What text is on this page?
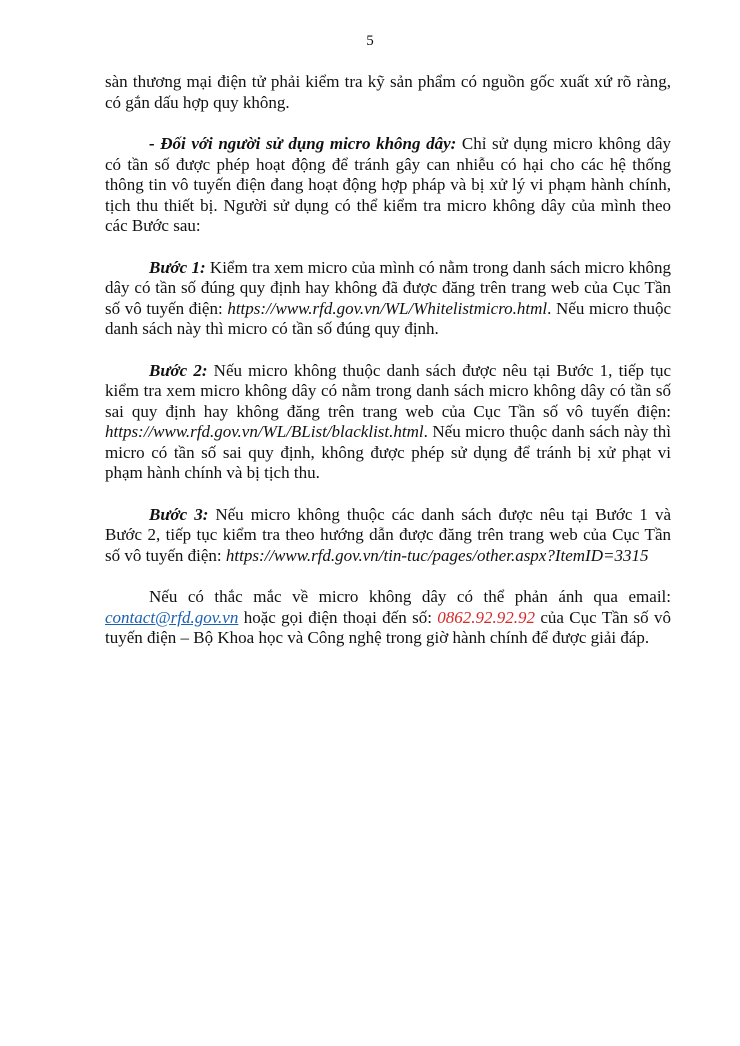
5

sàn thương mại điện tử phải kiểm tra kỹ sản phẩm có nguồn gốc xuất xứ rõ ràng, có gắn dấu hợp quy không.

- Đối với người sử dụng micro không dây: Chỉ sử dụng micro không dây có tần số được phép hoạt động để tránh gây can nhiễu có hại cho các hệ thống thông tin vô tuyến điện đang hoạt động hợp pháp và bị xử lý vi phạm hành chính, tịch thu thiết bị. Người sử dụng có thể kiểm tra micro không dây của mình theo các Bước sau:

Bước 1: Kiểm tra xem micro của mình có nằm trong danh sách micro không dây có tần số đúng quy định hay không đã được đăng trên trang web của Cục Tần số vô tuyến điện: https://www.rfd.gov.vn/WL/Whitelistmicro.html. Nếu micro thuộc danh sách này thì micro có tần số đúng quy định.

Bước 2: Nếu micro không thuộc danh sách được nêu tại Bước 1, tiếp tục kiểm tra xem micro không dây có nằm trong danh sách micro không dây có tần số sai quy định hay không đăng trên trang web của Cục Tần số vô tuyến điện: https://www.rfd.gov.vn/WL/BList/blacklist.html. Nếu micro thuộc danh sách này thì micro có tần số sai quy định, không được phép sử dụng để tránh bị xử phạt vi phạm hành chính và bị tịch thu.

Bước 3: Nếu micro không thuộc các danh sách được nêu tại Bước 1 và Bước 2, tiếp tục kiểm tra theo hướng dẫn được đăng trên trang web của Cục Tần số vô tuyến điện: https://www.rfd.gov.vn/tin-tuc/pages/other.aspx?ItemID=3315

Nếu có thắc mắc về micro không dây có thể phản ánh qua email: contact@rfd.gov.vn hoặc gọi điện thoại đến số: 0862.92.92.92 của Cục Tần số vô tuyến điện – Bộ Khoa học và Công nghệ trong giờ hành chính để được giải đáp.
